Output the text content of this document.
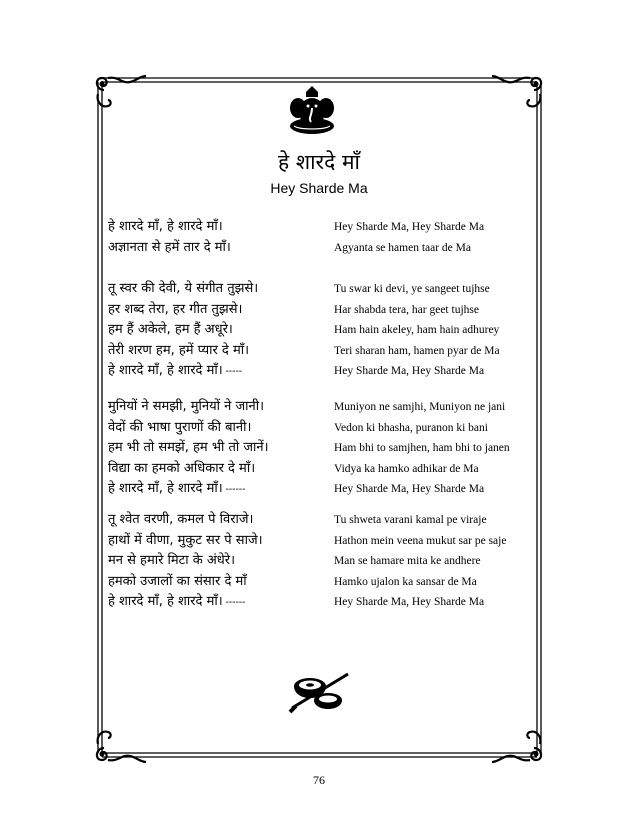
हे शारदे माँ
Hey Sharde Ma
हे शारदे माँ, हे शारदे माँ।
अज्ञानता से हमें तार दे माँ।
Hey Sharde Ma, Hey Sharde Ma
Agyanta se hamen taar de Ma
तू स्वर की देवी, ये संगीत तुझसे।
हर शब्द तेरा, हर गीत तुझसे।
हम हैं अकेले, हम हैं अधूरे।
तेरी शरण हम, हमें प्यार दे माँ।
हे शारदे माँ, हे शारदे माँ। -----
Tu swar ki devi, ye sangeet tujhse
Har shabda tera, har geet tujhse
Ham hain akeley, ham hain adhurey
Teri sharan ham, hamen pyar de Ma
Hey Sharde Ma, Hey Sharde Ma
मुनियों ने समझी, मुनियों ने जानी।
वेदों की भाषा पुराणों की बानी।
हम भी तो समझें, हम भी तो जानें।
विद्या का हमको अधिकार दे माँ।
हे शारदे माँ, हे शारदे माँ। ------
Muniyon ne samjhi, Muniyon ne jani
Vedon ki bhasha, puranon ki bani
Ham bhi to samjhen, ham bhi to janen
Vidya ka hamko adhikar de Ma
Hey Sharde Ma, Hey Sharde Ma
तू श्वेत वरणी, कमल पे विराजे।
हाथों में वीणा, मुकुट सर पे साजे।
मन से हमारे मिटा के अंधेरे।
हमको उजालों का संसार दे माँ
हे शारदे माँ, हे शारदे माँ। ------
Tu shweta varani kamal pe viraje
Hathon mein veena mukut sar pe saje
Man se hamare mita ke andhere
Hamko ujalon ka sansar de Ma
Hey Sharde Ma, Hey Sharde Ma
76
